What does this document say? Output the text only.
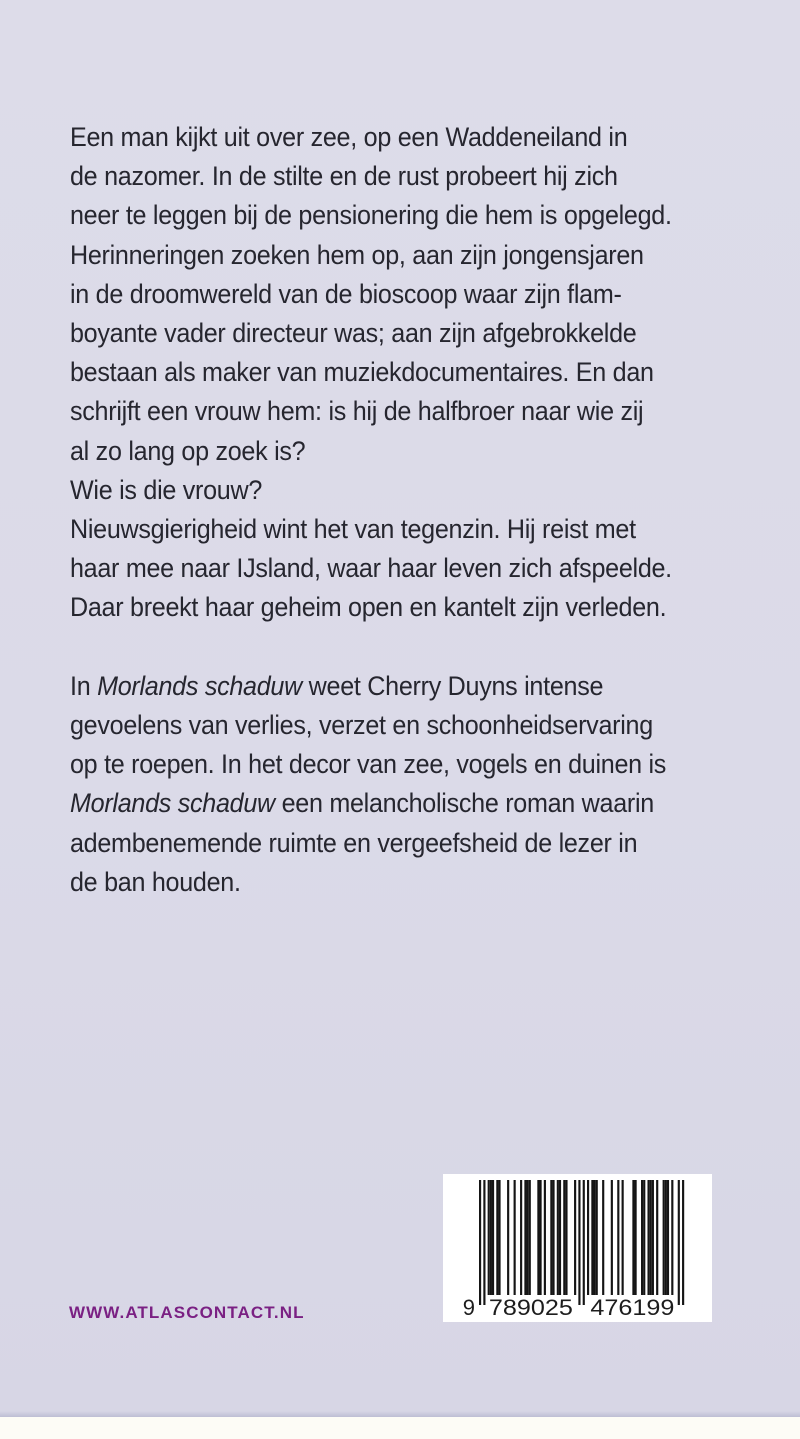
Een man kijkt uit over zee, op een Waddeneiland in
de nazomer. In de stilte en de rust probeert hij zich
neer te leggen bij de pensionering die hem is opgelegd.
Herinneringen zoeken hem op, aan zijn jongensjaren
in de droomwereld van de bioscoop waar zijn flam-
boyante vader directeur was; aan zijn afgebrokkelde
bestaan als maker van muziekdocumentaires. En dan
schrijft een vrouw hem: is hij de halfbroer naar wie zij
al zo lang op zoek is?
Wie is die vrouw?
Nieuwsgierigheid wint het van tegenzin. Hij reist met
haar mee naar IJsland, waar haar leven zich afspeelde.
Daar breekt haar geheim open en kantelt zijn verleden.
In Morlands schaduw weet Cherry Duyns intense
gevoelens van verlies, verzet en schoonheidservaring
op te roepen. In het decor van zee, vogels en duinen is
Morlands schaduw een melancholische roman waarin
adembenemende ruimte en vergeefsheid de lezer in
de ban houden.
WWW.ATLASCONTACT.NL	9 789025 476199
